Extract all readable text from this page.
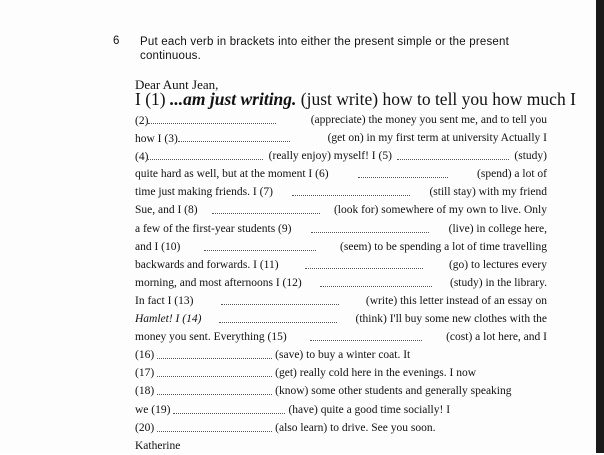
6 Put each verb in brackets into either the present simple or the present continuous.
Dear Aunt Jean,
I (1) ...am just writing. (just write) how to tell you how much I
(2)	(appreciate) the money you sent me, and to tell you
how I (3)	(get on) in my first term at university Actually I
(4)	(really enjoy) myself! I (5)	(study)
quite hard as well, but at the moment I (6)	(spend) a lot of
time just making friends. I (7)	(still stay) with my friend
Sue, and I (8)	(look for) somewhere of my own to live. Only
a few of the first-year students (9)	(live) in college here,
and I (10)	(seem) to be spending a lot of time travelling
backwards and forwards. I (11)	(go) to lectures every
morning, and most afternoons I (12)	(study) in the library.
In fact I (13)	(write) this letter instead of an essay on
Hamlet! I (14)	(think) I'll buy some new clothes with the
money you sent. Everything (15)	(cost) a lot here, and I
(16)	(save) to buy a winter coat. It
(17)	(get) really cold here in the evenings. I now
(18)	(know) some other students and generally speaking
we (19)	(have) quite a good time socially! I
(20)	(also learn) to drive. See you soon.
Katherine
